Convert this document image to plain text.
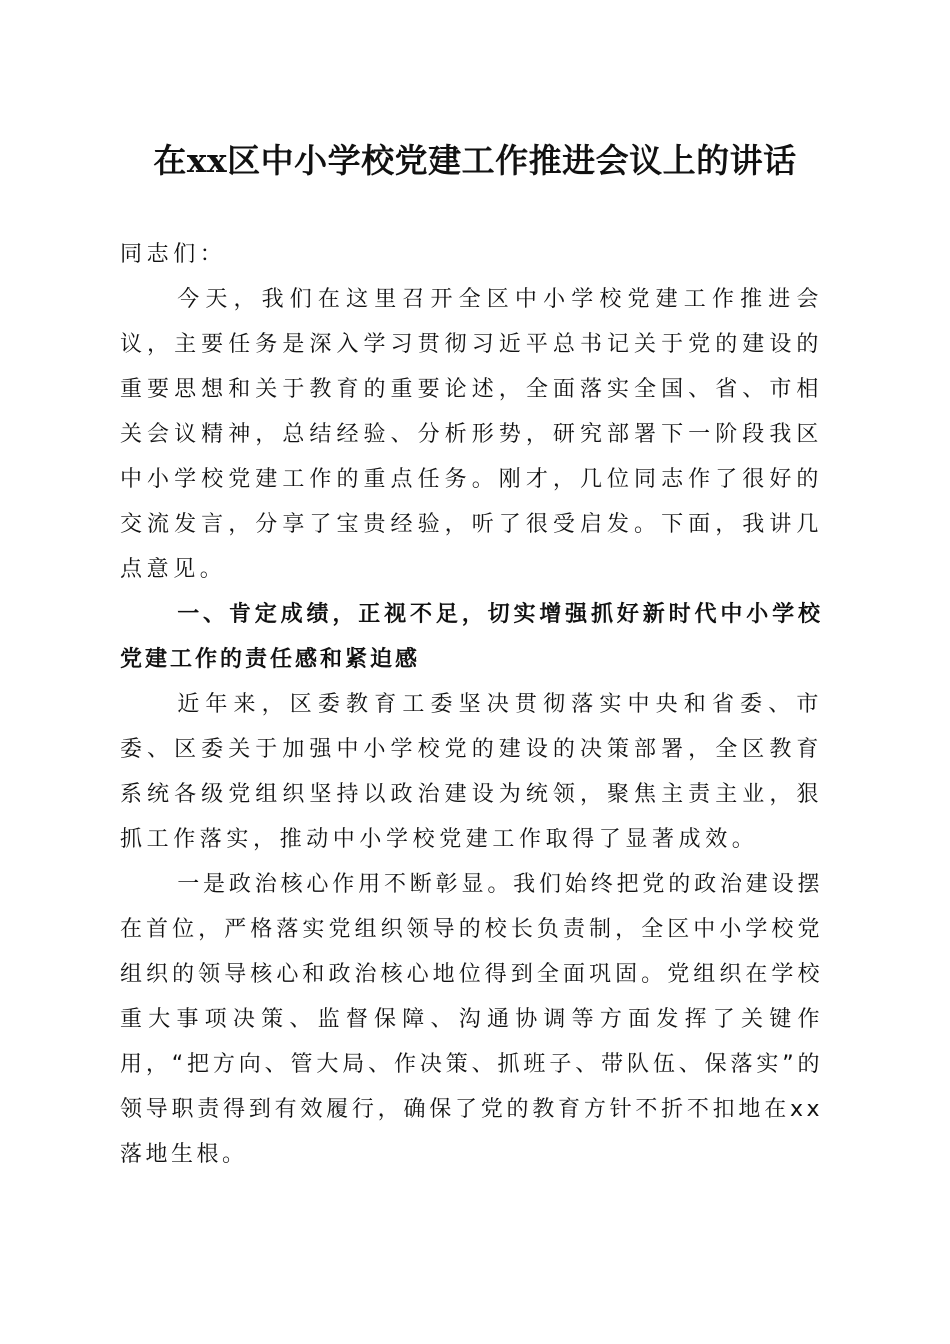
在xx区中小学校党建工作推进会议上的讲话

同志们：

今天，我们在这里召开全区中小学校党建工作推进会议，主要任务是深入学习贯彻习近平总书记关于党的建设的重要思想和关于教育的重要论述，全面落实全国、省、市相关会议精神，总结经验、分析形势，研究部署下一阶段我区中小学校党建工作的重点任务。刚才，几位同志作了很好的交流发言，分享了宝贵经验，听了很受启发。下面，我讲几点意见。

一、肯定成绩，正视不足，切实增强抓好新时代中小学校党建工作的责任感和紧迫感

近年来，区委教育工委坚决贯彻落实中央和省委、市委、区委关于加强中小学校党的建设的决策部署，全区教育系统各级党组织坚持以政治建设为统领，聚焦主责主业，狠抓工作落实，推动中小学校党建工作取得了显著成效。

一是政治核心作用不断彰显。我们始终把党的政治建设摆在首位，严格落实党组织领导的校长负责制，全区中小学校党组织的领导核心和政治核心地位得到全面巩固。党组织在学校重大事项决策、监督保障、沟通协调等方面发挥了关键作用，“把方向、管大局、作决策、抓班子、带队伍、保落实”的领导职责得到有效履行，确保了党的教育方针不折不扣地在xx落地生根。
